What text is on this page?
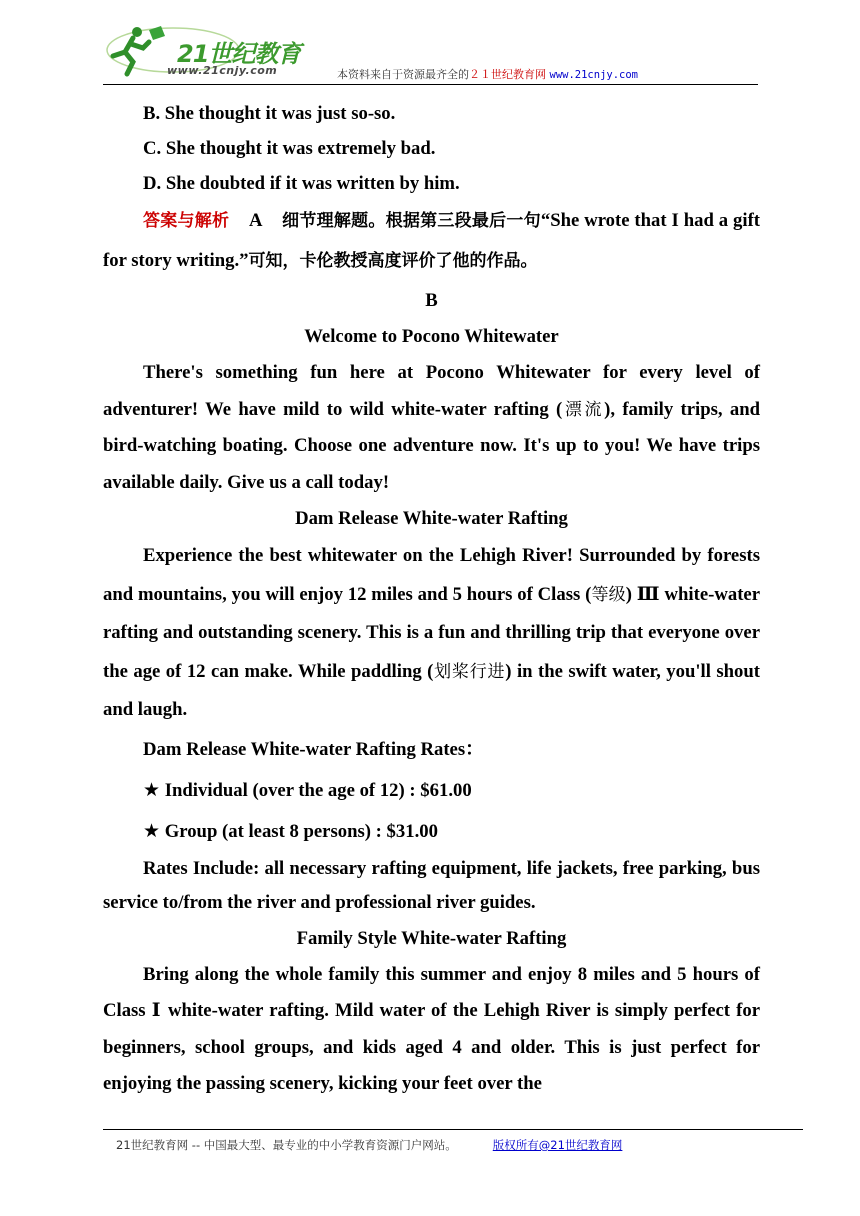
21世纪教育
www.21cnjy.com	本资料来自于资源最齐全的２１世纪教育网 www.21cnjy.com

B. She thought it was just so-so.

C. She thought it was extremely bad.

D. She doubted if it was written by him.

答案与解析 A 细节理解题。根据第三段最后一句“She wrote that I had a gift for story writing.”可知，卡伦教授高度评价了他的作品。

B

Welcome to Pocono Whitewater

There's something fun here at Pocono Whitewater for every level of adventurer! We have mild to wild white-water rafting (漂流), family trips, and bird-watching boating. Choose one adventure now. It's up to you! We have trips available daily. Give us a call today!

Dam Release White-water Rafting

Experience the best whitewater on the Lehigh River! Surrounded by forests and mountains, you will enjoy 12 miles and 5 hours of Class (等级) Ⅲ white-water rafting and outstanding scenery. This is a fun and thrilling trip that everyone over the age of 12 can make. While paddling (划桨行进) in the swift water, you'll shout and laugh.

Dam Release White-water Rafting Rates：

★ Individual (over the age of 12) : $61.00

★ Group (at least 8 persons) : $31.00

Rates Include: all necessary rafting equipment, life jackets, free parking, bus service to/from the river and professional river guides.

Family Style White-water Rafting

Bring along the whole family this summer and enjoy 8 miles and 5 hours of Class Ⅰ white-water rafting. Mild water of the Lehigh River is simply perfect for beginners, school groups, and kids aged 4 and older. This is just perfect for enjoying the passing scenery, kicking your feet over the

21世纪教育网 -- 中国最大型、最专业的中小学教育资源门户网站。	版权所有@21世纪教育网
